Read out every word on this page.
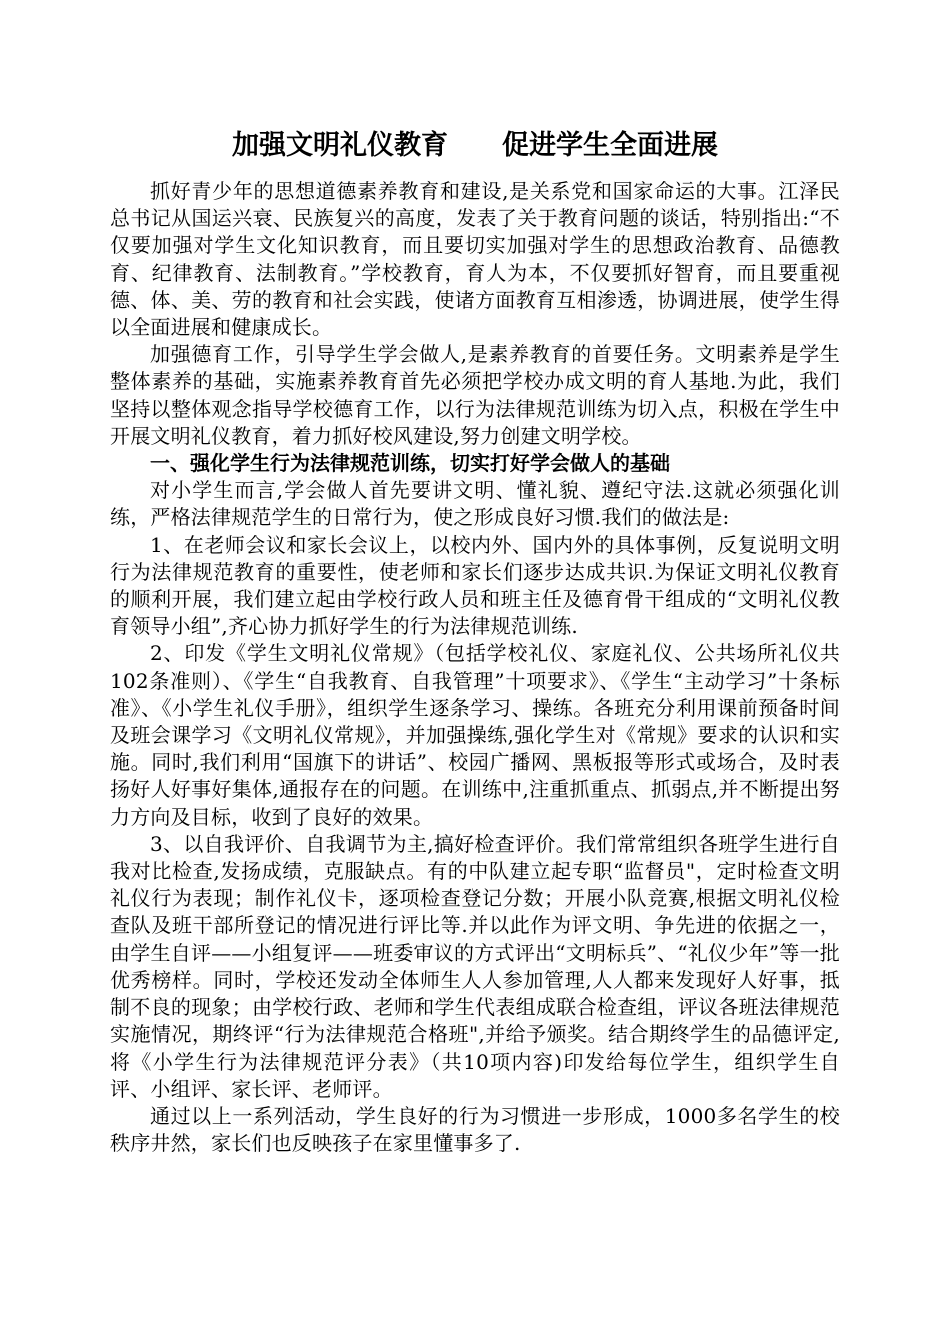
加强文明礼仪教育　　促进学生全面进展

抓好青少年的思想道德素养教育和建设,是关系党和国家命运的大事。江泽民总书记从国运兴衰、民族复兴的高度，发表了关于教育问题的谈话，特别指出:“不仅要加强对学生文化知识教育，而且要切实加强对学生的思想政治教育、品德教育、纪律教育、法制教育。”学校教育，育人为本，不仅要抓好智育，而且要重视德、体、美、劳的教育和社会实践，使诸方面教育互相渗透，协调进展，使学生得以全面进展和健康成长。

加强德育工作，引导学生学会做人,是素养教育的首要任务。文明素养是学生整体素养的基础，实施素养教育首先必须把学校办成文明的育人基地.为此，我们坚持以整体观念指导学校德育工作，以行为法律规范训练为切入点，积极在学生中开展文明礼仪教育，着力抓好校风建设,努力创建文明学校。

一、强化学生行为法律规范训练，切实打好学会做人的基础

对小学生而言,学会做人首先要讲文明、懂礼貌、遵纪守法.这就必须强化训练，严格法律规范学生的日常行为，使之形成良好习惯.我们的做法是:

1、在老师会议和家长会议上，以校内外、国内外的具体事例，反复说明文明行为法律规范教育的重要性，使老师和家长们逐步达成共识.为保证文明礼仪教育的顺利开展，我们建立起由学校行政人员和班主任及德育骨干组成的“文明礼仪教育领导小组”,齐心协力抓好学生的行为法律规范训练.

2、印发《学生文明礼仪常规》（包括学校礼仪、家庭礼仪、公共场所礼仪共102条准则）、《学生“自我教育、自我管理”十项要求》、《学生“主动学习”十条标准》、《小学生礼仪手册》，组织学生逐条学习、操练。各班充分利用课前预备时间及班会课学习《文明礼仪常规》，并加强操练,强化学生对《常规》要求的认识和实施。同时,我们利用“国旗下的讲话”、校园广播网、黑板报等形式或场合，及时表扬好人好事好集体,通报存在的问题。在训练中,注重抓重点、抓弱点,并不断提出努力方向及目标，收到了良好的效果。

3、以自我评价、自我调节为主,搞好检查评价。我们常常组织各班学生进行自我对比检查,发扬成绩，克服缺点。有的中队建立起专职“监督员"，定时检查文明礼仪行为表现；制作礼仪卡，逐项检查登记分数；开展小队竞赛,根据文明礼仪检查队及班干部所登记的情况进行评比等.并以此作为评文明、争先进的依据之一，由学生自评——小组复评——班委审议的方式评出“文明标兵”、“礼仪少年”等一批优秀榜样。同时，学校还发动全体师生人人参加管理,人人都来发现好人好事，抵制不良的现象；由学校行政、老师和学生代表组成联合检查组，评议各班法律规范实施情况，期终评“行为法律规范合格班",并给予颁奖。结合期终学生的品德评定,将《小学生行为法律规范评分表》（共10项内容)印发给每位学生，组织学生自评、小组评、家长评、老师评。

通过以上一系列活动，学生良好的行为习惯进一步形成，1000多名学生的校秩序井然，家长们也反映孩子在家里懂事多了.
